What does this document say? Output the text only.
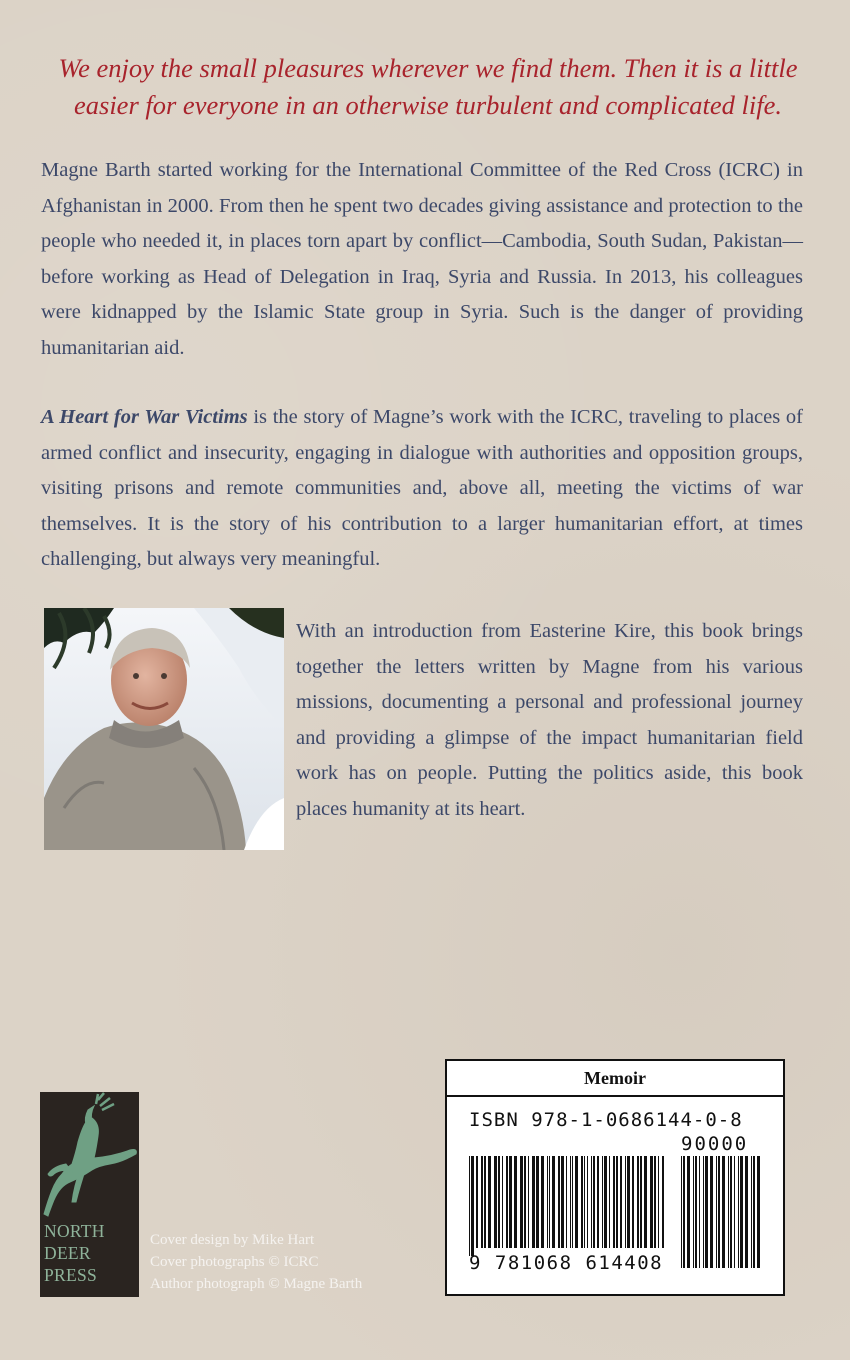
We enjoy the small pleasures wherever we find them. Then it is a little easier for everyone in an otherwise turbulent and complicated life.
Magne Barth started working for the International Committee of the Red Cross (ICRC) in Afghanistan in 2000. From then he spent two decades giving assistance and protection to the people who needed it, in places torn apart by conflict—Cambodia, South Sudan, Pakistan—before working as Head of Delegation in Iraq, Syria and Russia. In 2013, his colleagues were kidnapped by the Islamic State group in Syria. Such is the danger of providing humanitarian aid.
A Heart for War Victims is the story of Magne’s work with the ICRC, traveling to places of armed conflict and insecurity, engaging in dialogue with authorities and opposition groups, visiting prisons and remote communities and, above all, meeting the victims of war themselves. It is the story of his contribution to a larger humanitarian effort, at times challenging, but always very meaningful.
With an introduction from Easterine Kire, this book brings together the letters written by Magne from his various missions, documenting a personal and professional journey and providing a glimpse of the impact humanitarian field work has on people. Putting the politics aside, this book places humanity at its heart.
NORTH
DEER
PRESS
Cover design by Mike Hart
Cover photographs © ICRC
Author photograph © Magne Barth
Memoir
ISBN 978-1-0686144-0-8
90000
9 781068 614408
